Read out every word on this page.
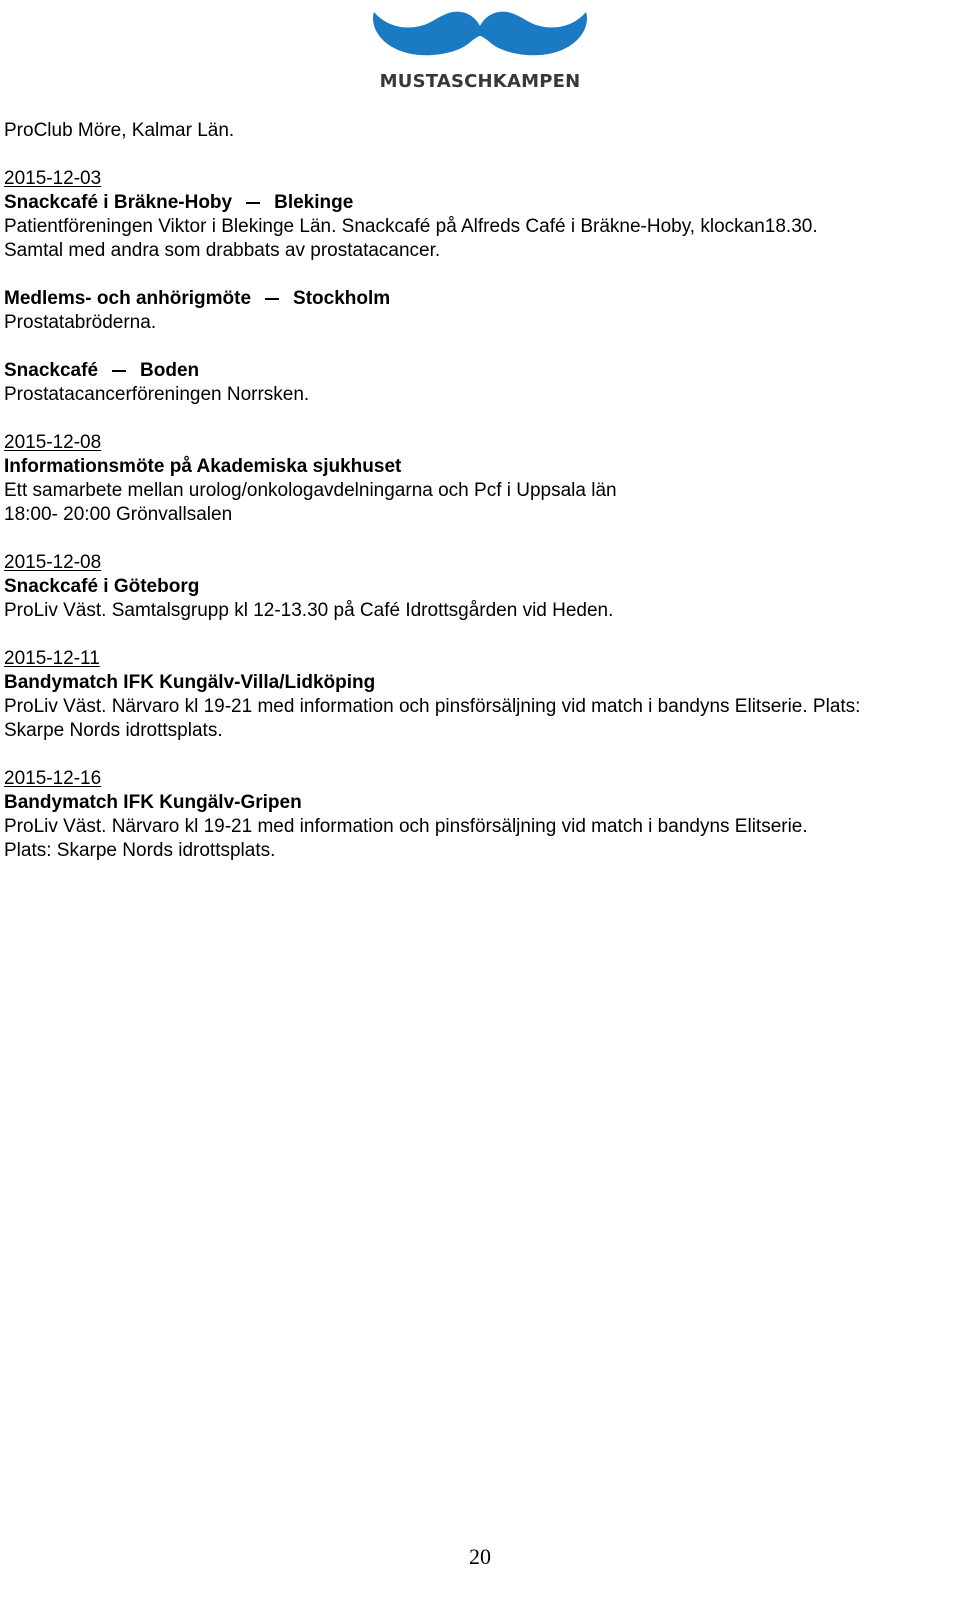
MUSTASCHKAMPEN

ProClub Möre, Kalmar Län.

2015-12-03

Snackcafé i Bräkne-Hoby Blekinge

Patientföreningen Viktor i Blekinge Län. Snackcafé på Alfreds Café i Bräkne-Hoby, klockan18.30.

Samtal med andra som drabbats av prostatacancer.

Medlems- och anhörigmöte Stockholm

Prostatabröderna.

Snackcafé Boden

Prostatacancerföreningen Norrsken.

2015-12-08

Informationsmöte på Akademiska sjukhuset

Ett samarbete mellan urolog/onkologavdelningarna och Pcf i Uppsala län

18:00- 20:00 Grönvallsalen

2015-12-08

Snackcafé i Göteborg

ProLiv Väst. Samtalsgrupp kl 12-13.30 på Café Idrottsgården vid Heden.

2015-12-11

Bandymatch IFK Kungälv-Villa/Lidköping

ProLiv Väst. Närvaro kl 19-21 med information och pinsförsäljning vid match i bandyns Elitserie. Plats:

Skarpe Nords idrottsplats.

2015-12-16

Bandymatch IFK Kungälv-Gripen

ProLiv Väst. Närvaro kl 19-21 med information och pinsförsäljning vid match i bandyns Elitserie.

Plats: Skarpe Nords idrottsplats.

20
